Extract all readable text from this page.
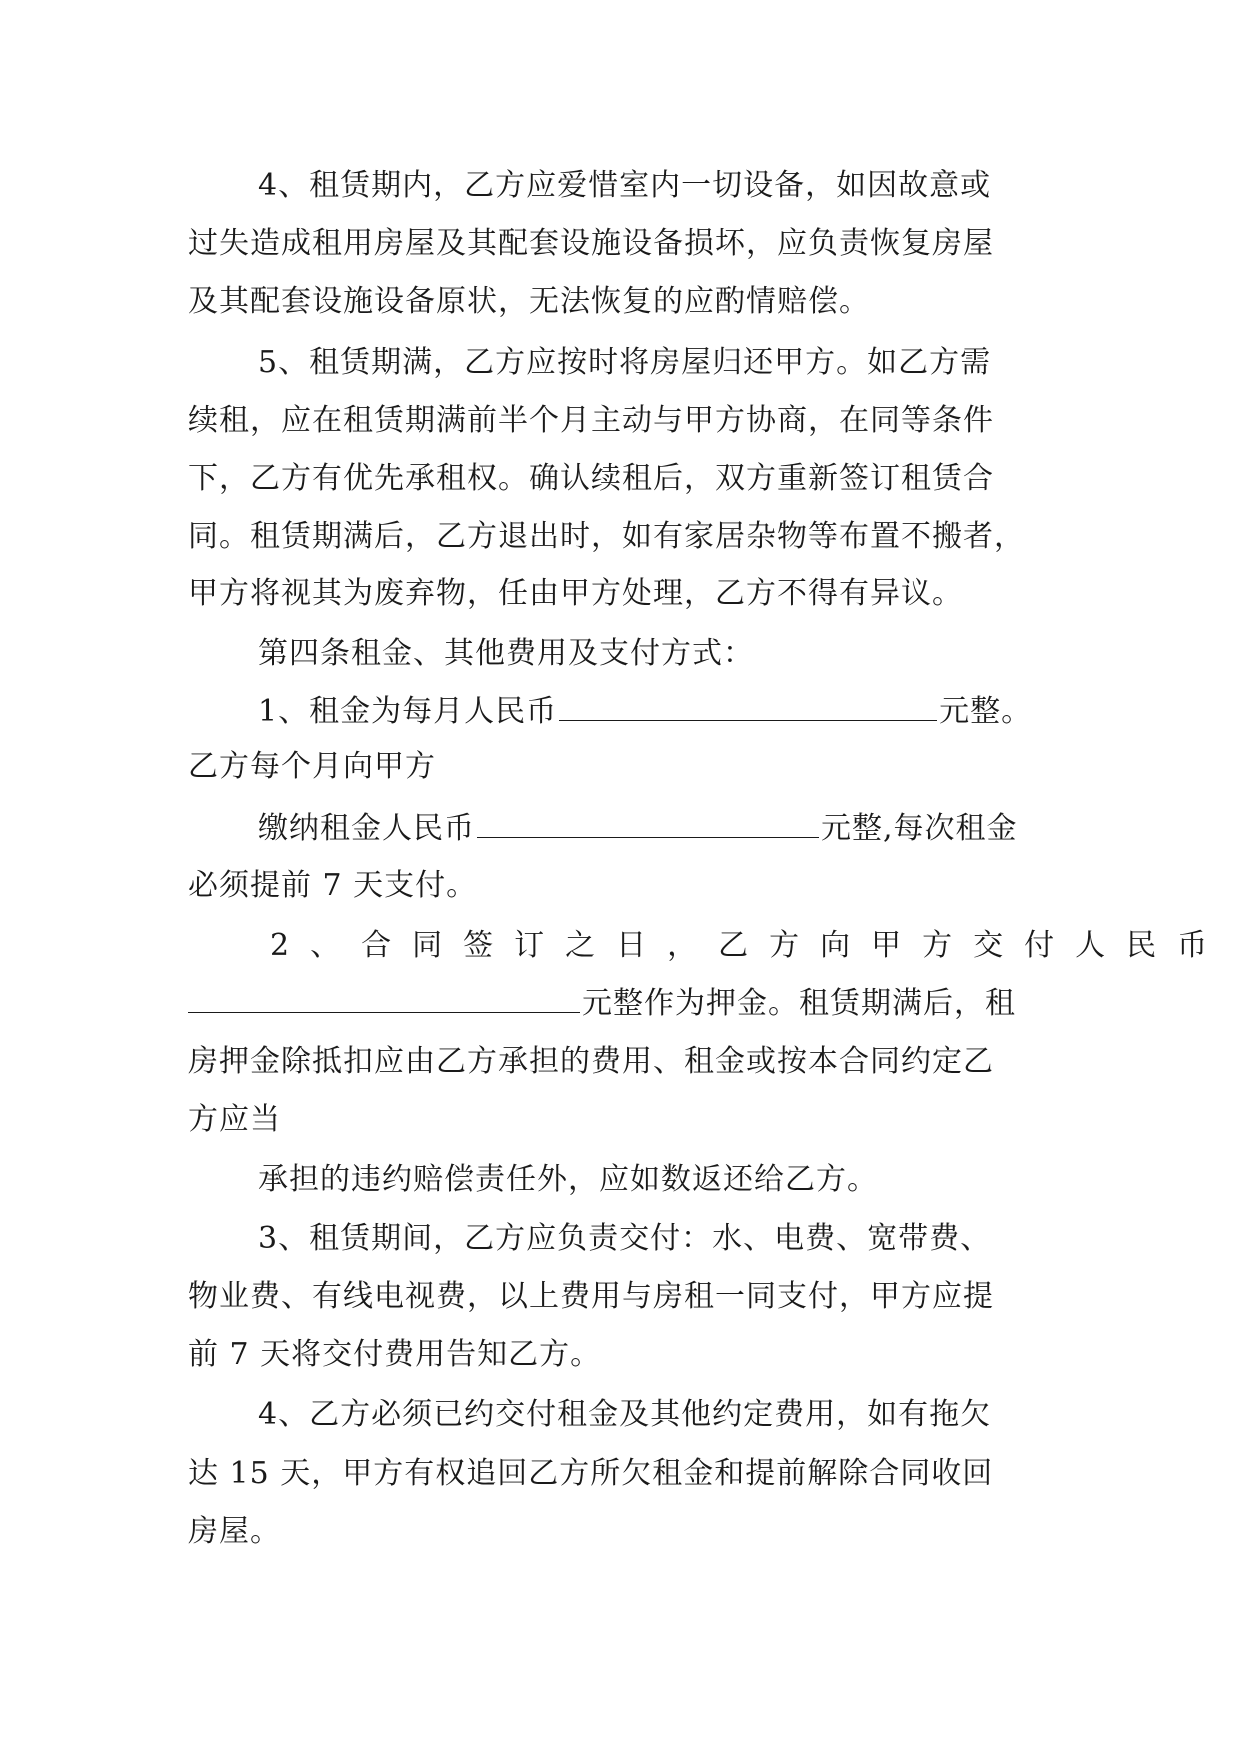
4、租赁期内，乙方应爱惜室内一切设备，如因故意或

过失造成租用房屋及其配套设施设备损坏，应负责恢复房屋

及其配套设施设备原状，无法恢复的应酌情赔偿。

5、租赁期满，乙方应按时将房屋归还甲方。如乙方需

续租，应在租赁期满前半个月主动与甲方协商，在同等条件

下，乙方有优先承租权。确认续租后，双方重新签订租赁合

同。租赁期满后，乙方退出时，如有家居杂物等布置不搬者，

甲方将视其为废弃物，任由甲方处理，乙方不得有异议。

第四条租金、其他费用及支付方式：

1、租金为每月人民币	元整。

乙方每个月向甲方

缴纳租金人民币	元整,每次租金

必须提前 7 天支付。

2、合同签订之日，乙方向甲方交付人民币

元整作为押金。租赁期满后，租

房押金除抵扣应由乙方承担的费用、租金或按本合同约定乙

方应当

承担的违约赔偿责任外，应如数返还给乙方。

3、租赁期间，乙方应负责交付：水、电费、宽带费、

物业费、有线电视费，以上费用与房租一同支付，甲方应提

前 7 天将交付费用告知乙方。

4、乙方必须已约交付租金及其他约定费用，如有拖欠

达 15 天，甲方有权追回乙方所欠租金和提前解除合同收回

房屋。
